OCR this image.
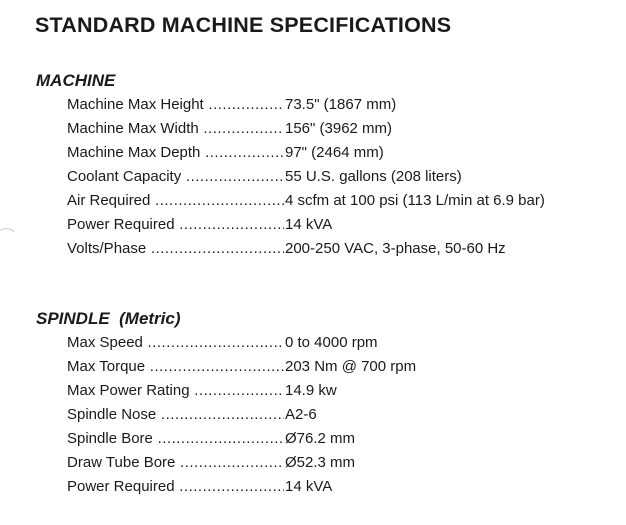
STANDARD MACHINE SPECIFICATIONS
MACHINE
Machine Max Height .....	73.5" (1867 mm)
Machine Max Width .....	156" (3962 mm)
Machine Max Depth .....	97" (2464 mm)
Coolant Capacity .....	55 U.S. gallons (208 liters)
Air Required .....	4 scfm at 100 psi (113 L/min at 6.9 bar)
Power Required .....	14 kVA
Volts/Phase .....	200-250 VAC, 3-phase, 50-60 Hz
SPINDLE  (Metric)
Max Speed .....	0 to 4000 rpm
Max Torque .....	203 Nm @ 700 rpm
Max Power Rating .....	14.9 kw
Spindle Nose .....	A2-6
Spindle Bore .....	Ø76.2 mm
Draw Tube Bore .....	Ø52.3 mm
Power Required .....	14 kVA
